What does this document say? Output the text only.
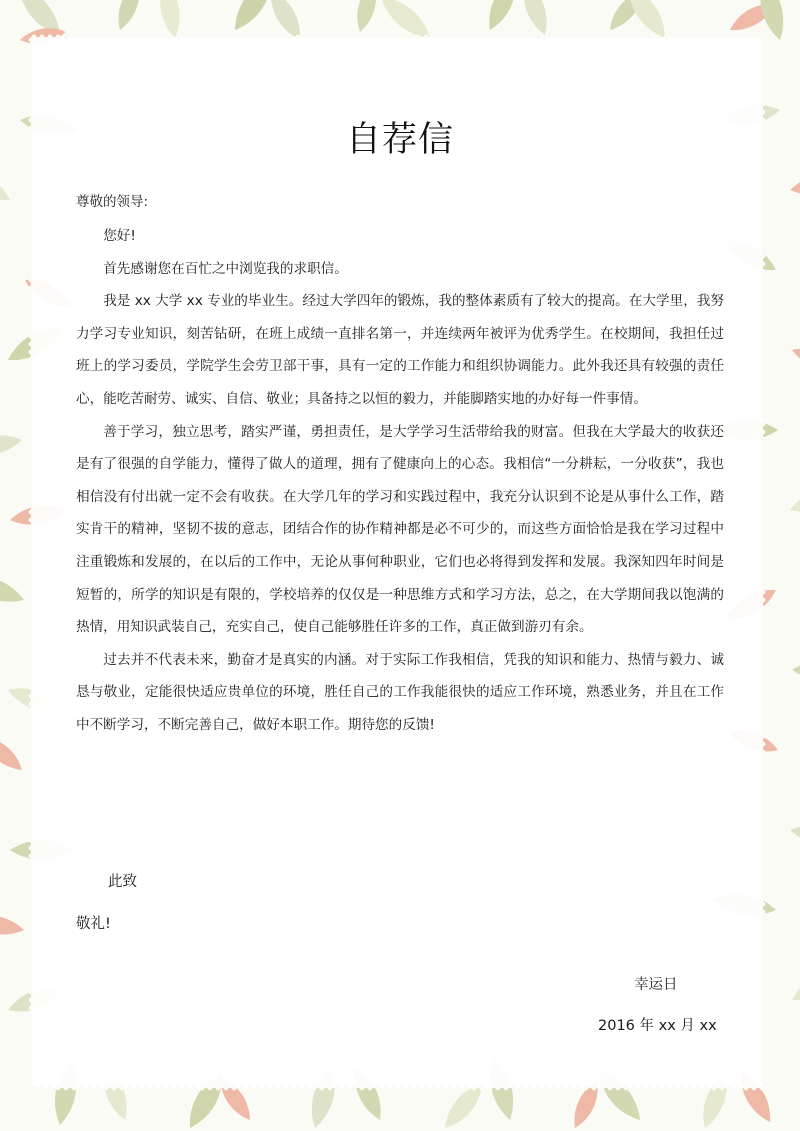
自荐信
尊敬的领导:

您好!

首先感谢您在百忙之中浏览我的求职信。

我是 xx 大学 xx 专业的毕业生。经过大学四年的锻炼，我的整体素质有了较大的提高。在大学里，我努力学习专业知识，刻苦钻研，在班上成绩一直排名第一，并连续两年被评为优秀学生。在校期间，我担任过班上的学习委员，学院学生会劳卫部干事，具有一定的工作能力和组织协调能力。此外我还具有较强的责任心，能吃苦耐劳、诚实、自信、敬业；具备持之以恒的毅力，并能脚踏实地的办好每一件事情。

善于学习，独立思考，踏实严谨，勇担责任，是大学学习生活带给我的财富。但我在大学最大的收获还是有了很强的自学能力，懂得了做人的道理，拥有了健康向上的心态。我相信“一分耕耘，一分收获”，我也相信没有付出就一定不会有收获。在大学几年的学习和实践过程中，我充分认识到不论是从事什么工作，踏实肯干的精神，坚韧不拔的意志，团结合作的协作精神都是必不可少的，而这些方面恰恰是我在学习过程中注重锻炼和发展的，在以后的工作中，无论从事何种职业，它们也必将得到发挥和发展。我深知四年时间是短暂的，所学的知识是有限的，学校培养的仅仅是一种思维方式和学习方法，总之，在大学期间我以饱满的热情，用知识武装自己，充实自己，使自己能够胜任许多的工作，真正做到游刃有余。

过去并不代表未来，勤奋才是真实的内涵。对于实际工作我相信，凭我的知识和能力、热情与毅力、诚恳与敬业，定能很快适应贵单位的环境，胜任自己的工作我能很快的适应工作环境，熟悉业务，并且在工作中不断学习，不断完善自己，做好本职工作。期待您的反馈!

此致
敬礼!
幸运日
2016 年 xx 月 xx
